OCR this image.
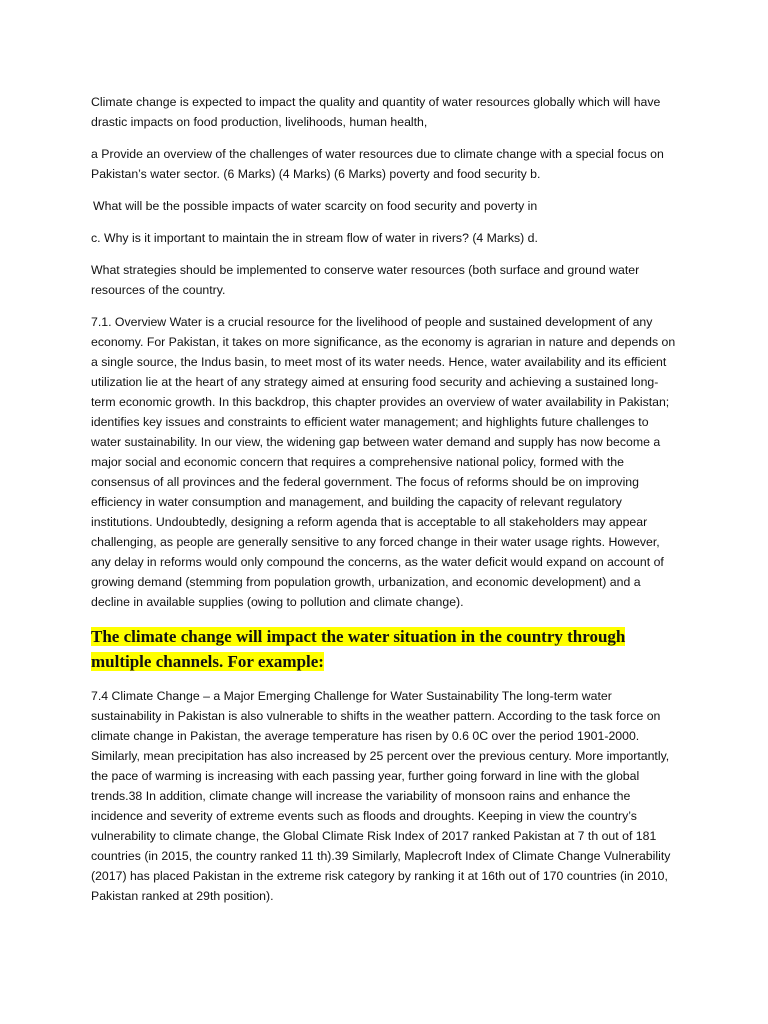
Climate change is expected to impact the quality and quantity of water resources globally which will have drastic impacts on food production, livelihoods, human health,

a Provide an overview of the challenges of water resources due to climate change with a special focus on Pakistan’s water sector. (6 Marks) (4 Marks) (6 Marks) poverty and food security b.

What will be the possible impacts of water scarcity on food security and poverty in

c. Why is it important to maintain the in stream flow of water in rivers? (4 Marks) d.

What strategies should be implemented to conserve water resources (both surface and ground water resources of the country.

7.1. Overview Water is a crucial resource for the livelihood of people and sustained development of any economy. For Pakistan, it takes on more significance, as the economy is agrarian in nature and depends on a single source, the Indus basin, to meet most of its water needs. Hence, water availability and its efficient utilization lie at the heart of any strategy aimed at ensuring food security and achieving a sustained long-term economic growth. In this backdrop, this chapter provides an overview of water availability in Pakistan; identifies key issues and constraints to efficient water management; and highlights future challenges to water sustainability. In our view, the widening gap between water demand and supply has now become a major social and economic concern that requires a comprehensive national policy, formed with the consensus of all provinces and the federal government. The focus of reforms should be on improving efficiency in water consumption and management, and building the capacity of relevant regulatory institutions. Undoubtedly, designing a reform agenda that is acceptable to all stakeholders may appear challenging, as people are generally sensitive to any forced change in their water usage rights. However, any delay in reforms would only compound the concerns, as the water deficit would expand on account of growing demand (stemming from population growth, urbanization, and economic development) and a decline in available supplies (owing to pollution and climate change).

The climate change will impact the water situation in the country through multiple channels. For example:

7.4 Climate Change – a Major Emerging Challenge for Water Sustainability The long-term water sustainability in Pakistan is also vulnerable to shifts in the weather pattern. According to the task force on climate change in Pakistan, the average temperature has risen by 0.6 0C over the period 1901-2000. Similarly, mean precipitation has also increased by 25 percent over the previous century. More importantly, the pace of warming is increasing with each passing year, further going forward in line with the global trends.38 In addition, climate change will increase the variability of monsoon rains and enhance the incidence and severity of extreme events such as floods and droughts. Keeping in view the country’s vulnerability to climate change, the Global Climate Risk Index of 2017 ranked Pakistan at 7 th out of 181 countries (in 2015, the country ranked 11 th).39 Similarly, Maplecroft Index of Climate Change Vulnerability (2017) has placed Pakistan in the extreme risk category by ranking it at 16th out of 170 countries (in 2010, Pakistan ranked at 29th position).
